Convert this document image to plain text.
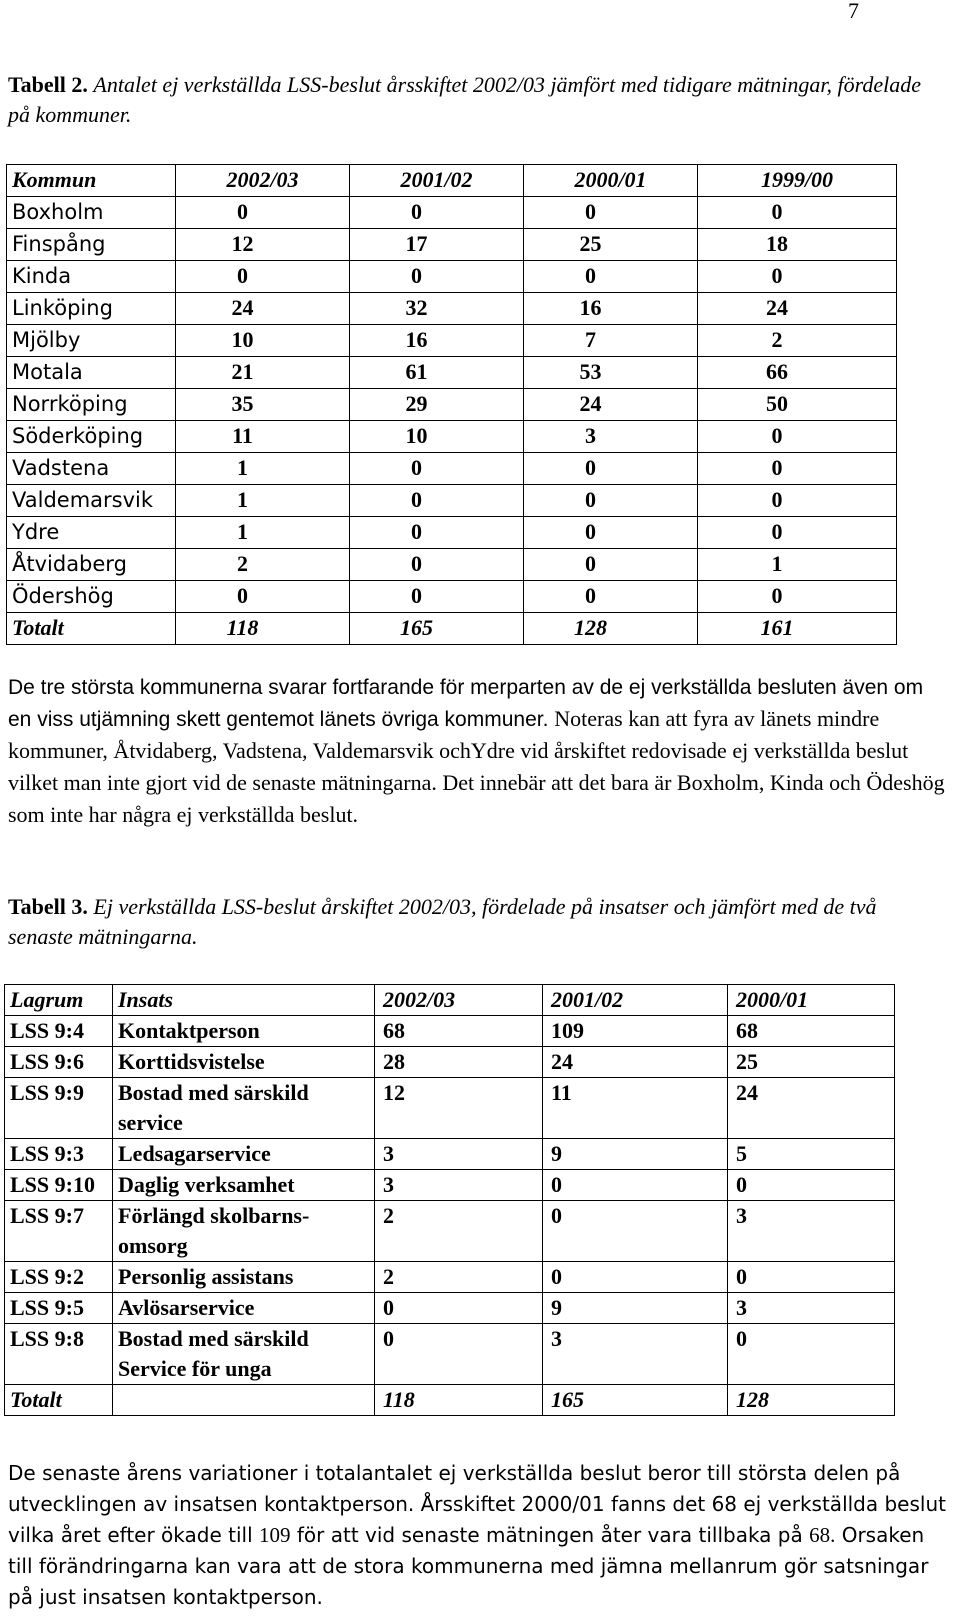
7
Tabell 2. Antalet ej verkställda LSS-beslut årsskiftet 2002/03 jämfört med tidigare mätningar, fördelade på kommuner.
Kommun	2002/03	2001/02	2000/01	1999/00
Boxholm	0	0	0	0
Finspång	12	17	25	18
Kinda	0	0	0	0
Linköping	24	32	16	24
Mjölby	10	16	7	2
Motala	21	61	53	66
Norrköping	35	29	24	50
Söderköping	11	10	3	0
Vadstena	1	0	0	0
Valdemarsvik	1	0	0	0
Ydre	1	0	0	0
Åtvidaberg	2	0	0	1
Ödershög	0	0	0	0
Totalt	118	165	128	161
De tre största kommunerna svarar fortfarande för merparten av de ej verkställda besluten även om en viss utjämning skett gentemot länets övriga kommuner. Noteras kan att fyra av länets mindre kommuner, Åtvidaberg, Vadstena, Valdemarsvik ochYdre vid årskiftet redovisade ej verkställda beslut vilket man inte gjort vid de senaste mätningarna. Det innebär att det bara är Boxholm, Kinda och Ödeshög som inte har några ej verkställda beslut.
Tabell 3. Ej verkställda LSS-beslut årskiftet 2002/03, fördelade på insatser och jämfört med de två senaste mätningarna.
Lagrum	Insats	2002/03	2001/02	2000/01
LSS 9:4	Kontaktperson	68	109	68
LSS 9:6	Korttidsvistelse	28	24	25
LSS 9:9	Bostad med särskild service	12	11	24
LSS 9:3	Ledsagarservice	3	9	5
LSS 9:10	Daglig verksamhet	3	0	0
LSS 9:7	Förlängd skolbarns-omsorg	2	0	3
LSS 9:2	Personlig assistans	2	0	0
LSS 9:5	Avlösarservice	0	9	3
LSS 9:8	Bostad med särskild Service för unga	0	3	0
Totalt		118	165	128
De senaste årens variationer i totalantalet ej verkställda beslut beror till största delen på utvecklingen av insatsen kontaktperson. Årsskiftet 2000/01 fanns det 68 ej verkställda beslut vilka året efter ökade till 109 för att vid senaste mätningen åter vara tillbaka på 68. Orsaken till förändringarna kan vara att de stora kommunerna med jämna mellanrum gör satsningar på just insatsen kontaktperson.
